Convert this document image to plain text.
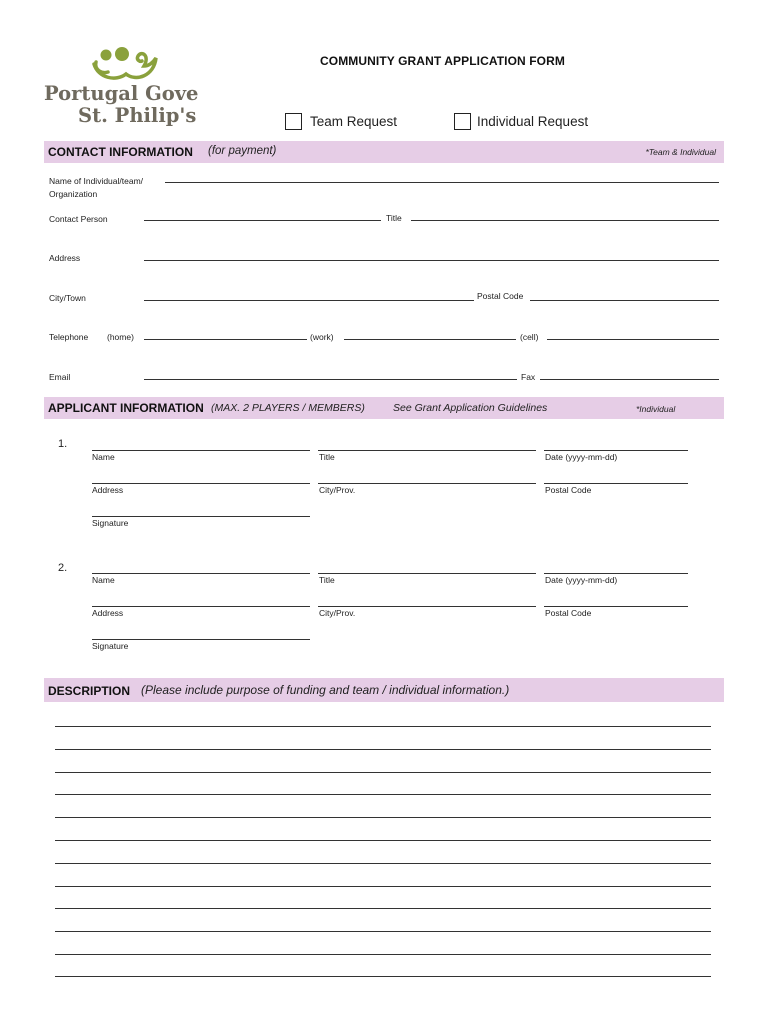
Portugal Gove
St. Philip's
COMMUNITY GRANT APPLICATION FORM
Team Request	Individual Request
CONTACT INFORMATION (for payment)	*Team & Individual
Name of Individual/team/
Organization
Contact Person	Title
Address
City/Town	Postal Code
Telephone (home)	(work)	(cell)
Email	Fax
APPLICANT INFORMATION (MAX. 2 PLAYERS / MEMBERS)	See Grant Application Guidelines	*Individual
1.
Name	Title	Date (yyyy-mm-dd)
Address	City/Prov.	Postal Code
Signature
2.
Name	Title	Date (yyyy-mm-dd)
Address	City/Prov.	Postal Code
Signature
DESCRIPTION (Please include purpose of funding and team / individual information.)
